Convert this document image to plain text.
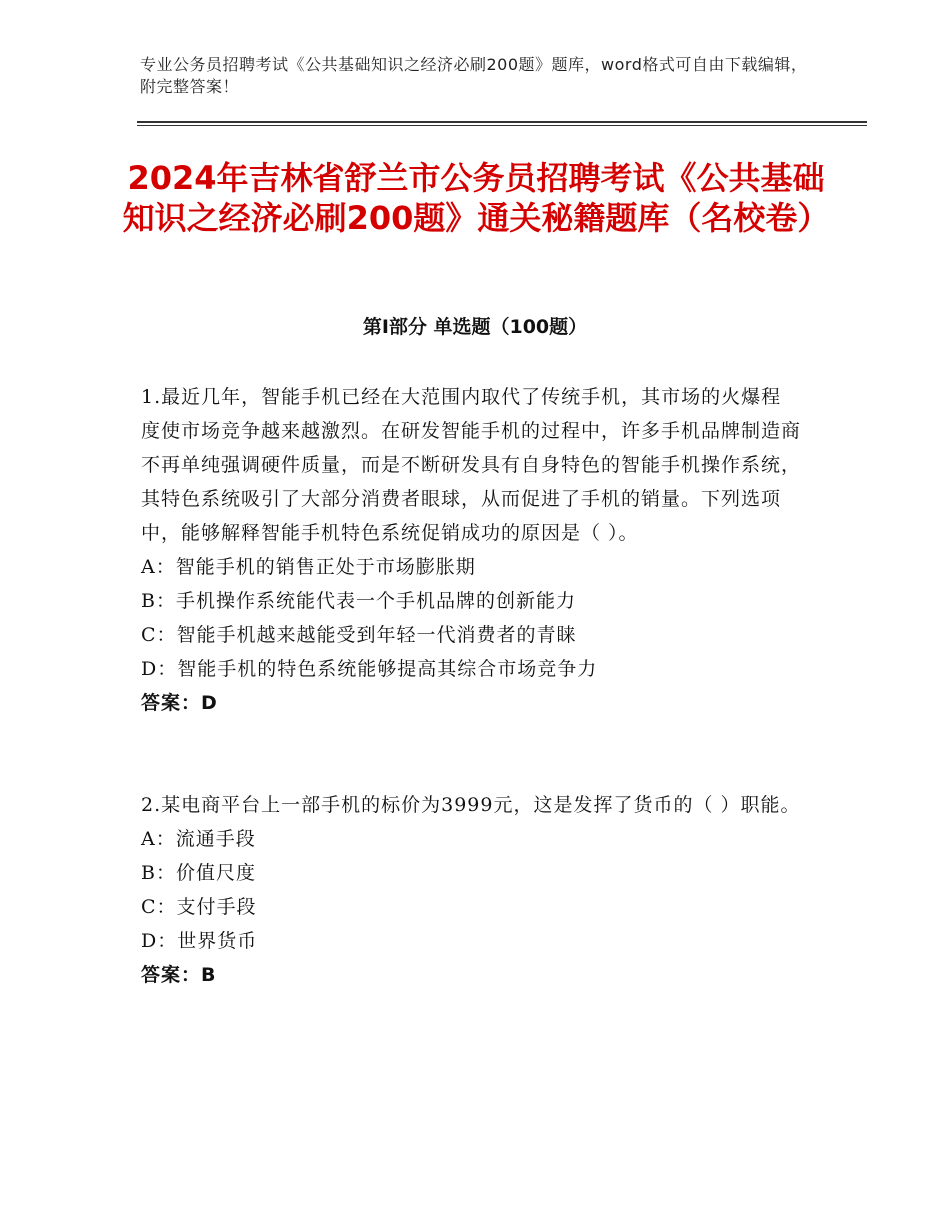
专业公务员招聘考试《公共基础知识之经济必刷200题》题库，word格式可自由下载编辑，附完整答案！
2024年吉林省舒兰市公务员招聘考试《公共基础知识之经济必刷200题》通关秘籍题库（名校卷）
第Ⅰ部分 单选题（100题）

1.最近几年，智能手机已经在大范围内取代了传统手机，其市场的火爆程度使市场竞争越来越激烈。在研发智能手机的过程中，许多手机品牌制造商不再单纯强调硬件质量，而是不断研发具有自身特色的智能手机操作系统，其特色系统吸引了大部分消费者眼球，从而促进了手机的销量。下列选项中，能够解释智能手机特色系统促销成功的原因是（ ）。

A：智能手机的销售正处于市场膨胀期

B：手机操作系统能代表一个手机品牌的创新能力

C：智能手机越来越能受到年轻一代消费者的青睐

D：智能手机的特色系统能够提高其综合市场竞争力

答案：D

2.某电商平台上一部手机的标价为3999元，这是发挥了货币的（ ）职能。

A：流通手段

B：价值尺度

C：支付手段

D：世界货币

答案：B
